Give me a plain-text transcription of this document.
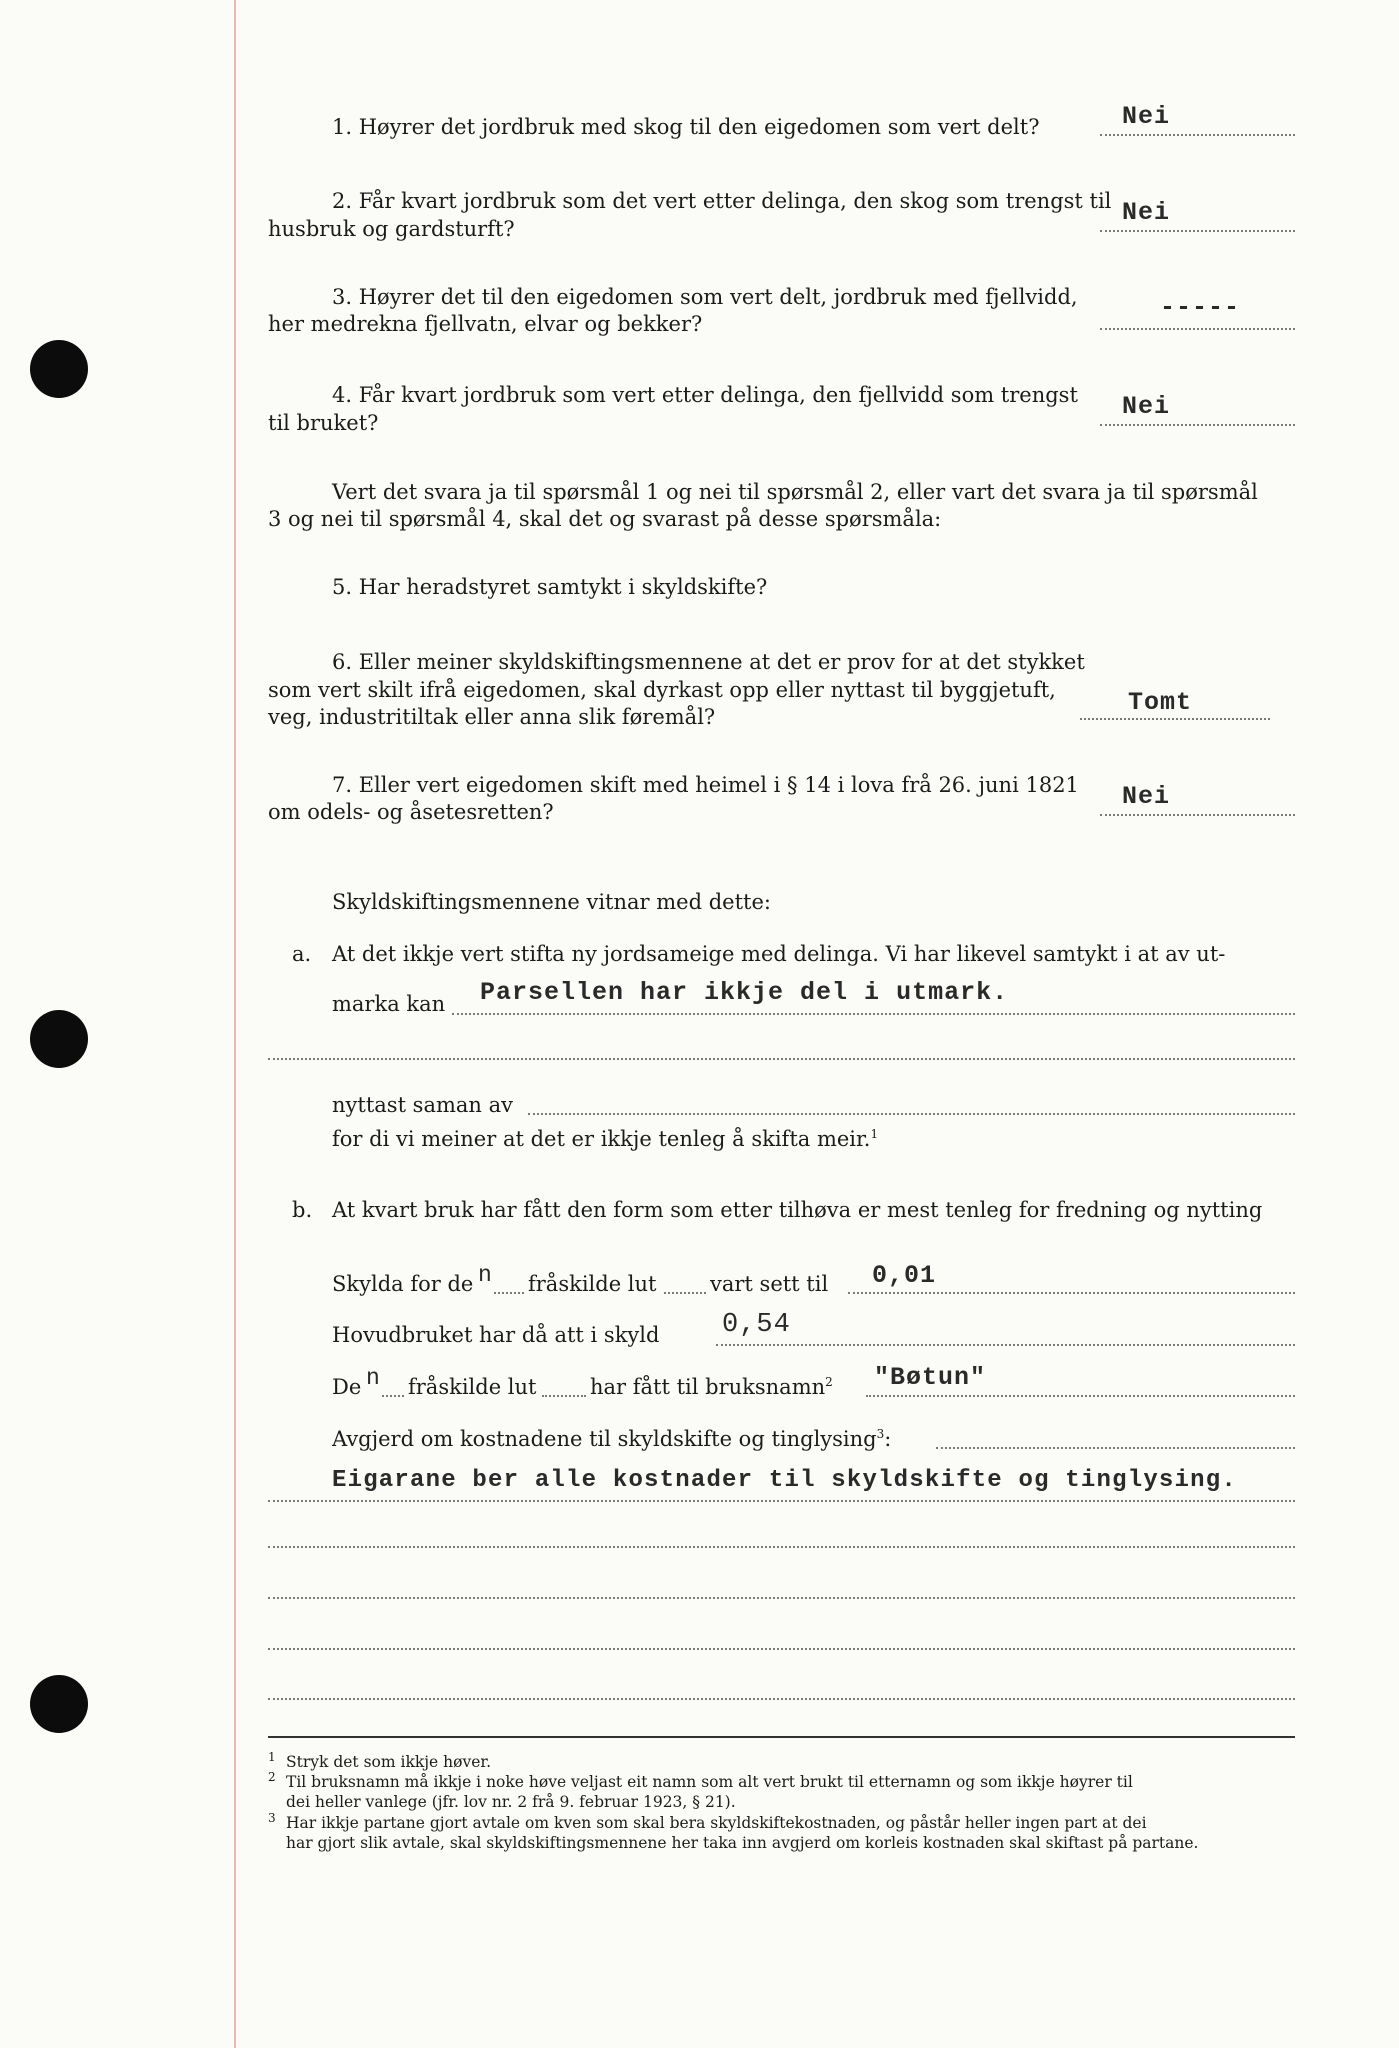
1. Høyrer det jordbruk med skog til den eigedomen som vert delt?	Nei
2. Får kvart jordbruk som det vert etter delinga, den skog som trengst til
husbruk og gardsturft?
Nei
3. Høyrer det til den eigedomen som vert delt, jordbruk med fjellvidd,
her medrekna fjellvatn, elvar og bekker?
-----
4. Får kvart jordbruk som vert etter delinga, den fjellvidd som trengst
til bruket?
Nei
Vert det svara ja til spørsmål 1 og nei til spørsmål 2, eller vart det svara ja til spørsmål
3 og nei til spørsmål 4, skal det og svarast på desse spørsmåla:
5. Har heradstyret samtykt i skyldskifte?
6. Eller meiner skyldskiftingsmennene at det er prov for at det stykket
som vert skilt ifrå eigedomen, skal dyrkast opp eller nyttast til byggjetuft,
veg, industritiltak eller anna slik føremål?	Tomt
7. Eller vert eigedomen skift med heimel i § 14 i lova frå 26. juni 1821
om odels- og åsetesretten?
Nei
Skyldskiftingsmennene vitnar med dette:
a. At det ikkje vert stifta ny jordsameige med delinga. Vi har likevel samtykt i at av ut-
marka kan Parsellen har ikkje del i utmark.
nyttast saman av
for di vi meiner at det er ikkje tenleg å skifta meir.$^1$
b. At kvart bruk har fått den form som etter tilhøva er mest tenleg for fredning og nytting
Skylda for de n fråskilde lut	vart sett til 0,01
Hovudbruket har då att i skyld 0,54
De n fråskilde lut	har fått til bruksnamn$^2$ "Bøtun"
Avgjerd om kostnadene til skyldskifte og tinglysing$^3$:
Eigarane ber alle kostnader til skyldskifte og tinglysing.
$^1$ Stryk det som ikkje høver.
$^2$ Til bruksnamn må ikkje i noke høve veljast eit namn som alt vert brukt til etternamn og som ikkje høyrer til
dei heller vanlege (jfr. lov nr. 2 frå 9. februar 1923, § 21).
$^3$ Har ikkje partane gjort avtale om kven som skal bera skyldskiftekostnaden, og påstår heller ingen part at dei
har gjort slik avtale, skal skyldskiftingsmennene her taka inn avgjerd om korleis kostnaden skal skiftast på partane.
